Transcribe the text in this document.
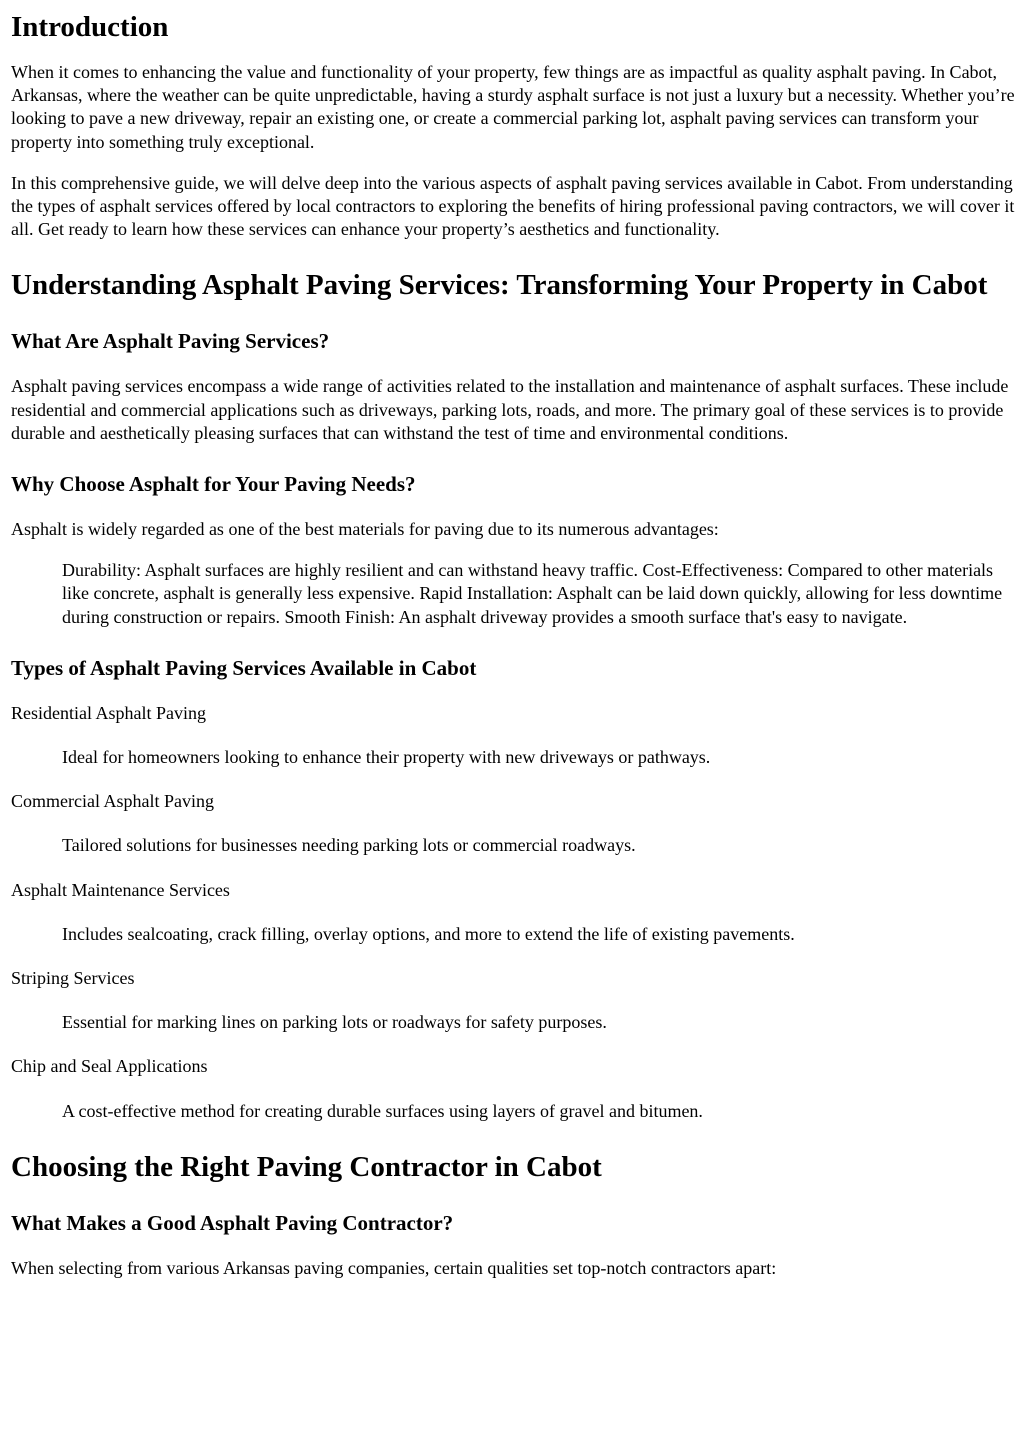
Introduction

When it comes to enhancing the value and functionality of your property, few things are as impactful as quality asphalt paving. In Cabot, Arkansas, where the weather can be quite unpredictable, having a sturdy asphalt surface is not just a luxury but a necessity. Whether you’re looking to pave a new driveway, repair an existing one, or create a commercial parking lot, asphalt paving services can transform your property into something truly exceptional.

In this comprehensive guide, we will delve deep into the various aspects of asphalt paving services available in Cabot. From understanding the types of asphalt services offered by local contractors to exploring the benefits of hiring professional paving contractors, we will cover it all. Get ready to learn how these services can enhance your property’s aesthetics and functionality.

Understanding Asphalt Paving Services: Transforming Your Property in Cabot
What Are Asphalt Paving Services?

Asphalt paving services encompass a wide range of activities related to the installation and maintenance of asphalt surfaces. These include residential and commercial applications such as driveways, parking lots, roads, and more. The primary goal of these services is to provide durable and aesthetically pleasing surfaces that can withstand the test of time and environmental conditions.

Why Choose Asphalt for Your Paving Needs?

Asphalt is widely regarded as one of the best materials for paving due to its numerous advantages:

Durability: Asphalt surfaces are highly resilient and can withstand heavy traffic. Cost-Effectiveness: Compared to other materials like concrete, asphalt is generally less expensive. Rapid Installation: Asphalt can be laid down quickly, allowing for less downtime during construction or repairs. Smooth Finish: An asphalt driveway provides a smooth surface that's easy to navigate.
Types of Asphalt Paving Services Available in Cabot
Residential Asphalt Paving
Ideal for homeowners looking to enhance their property with new driveways or pathways.
Commercial Asphalt Paving
Tailored solutions for businesses needing parking lots or commercial roadways.
Asphalt Maintenance Services
Includes sealcoating, crack filling, overlay options, and more to extend the life of existing pavements.
Striping Services
Essential for marking lines on parking lots or roadways for safety purposes.
Chip and Seal Applications
A cost-effective method for creating durable surfaces using layers of gravel and bitumen.
Choosing the Right Paving Contractor in Cabot
What Makes a Good Asphalt Paving Contractor?

When selecting from various Arkansas paving companies, certain qualities set top-notch contractors apart:
